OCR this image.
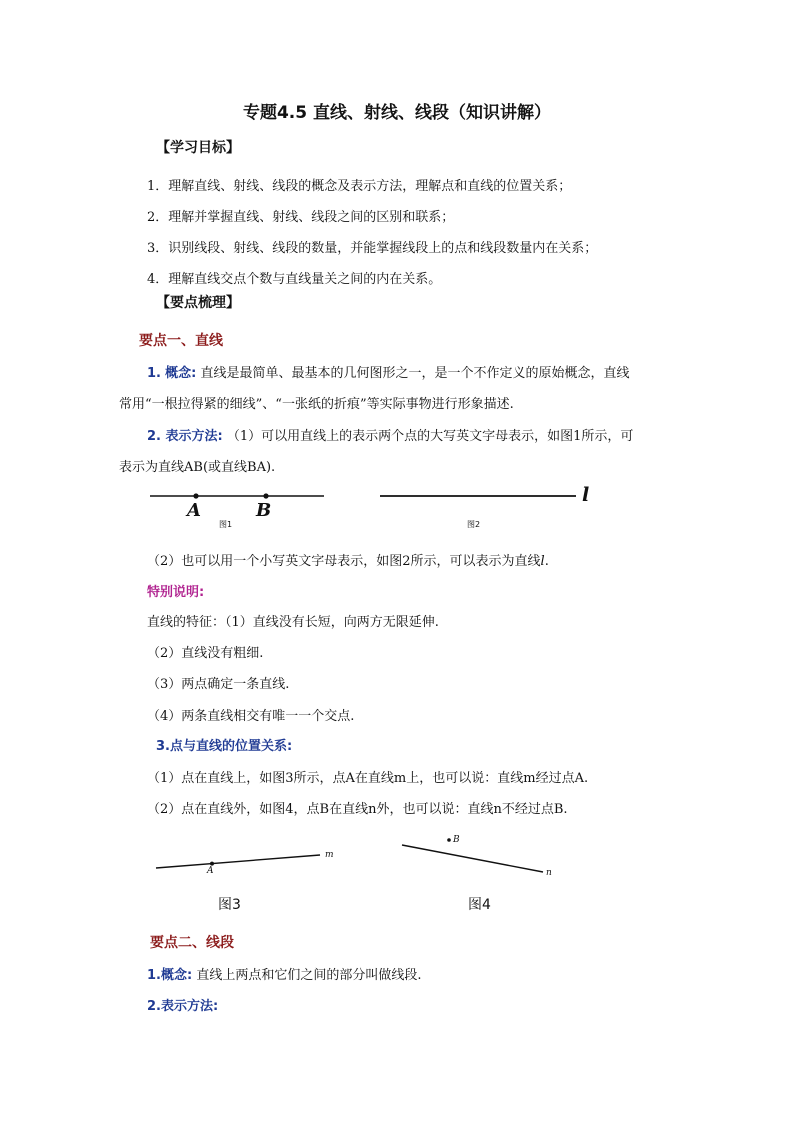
专题4.5 直线、射线、线段（知识讲解）
【学习目标】
1．理解直线、射线、线段的概念及表示方法，理解点和直线的位置关系；
2．理解并掌握直线、射线、线段之间的区别和联系；
3．识别线段、射线、线段的数量，并能掌握线段上的点和线段数量内在关系；
4．理解直线交点个数与直线量关之间的内在关系。
【要点梳理】
要点一、直线
1. 概念: 直线是最简单、最基本的几何图形之一，是一个不作定义的原始概念，直线
常用“一根拉得紧的细线”、“一张纸的折痕”等实际事物进行形象描述.
2. 表示方法: （1）可以用直线上的表示两个点的大写英文字母表示，如图1所示，可
表示为直线AB(或直线BA).
A	B
图1
l
图2
（2）也可以用一个小写英文字母表示，如图2所示，可以表示为直线l.
特别说明:
直线的特征：（1）直线没有长短，向两方无限延伸.
（2）直线没有粗细.
（3）两点确定一条直线.
（4）两条直线相交有唯一一个交点.
3.点与直线的位置关系:
（1）点在直线上，如图3所示，点A在直线m上，也可以说：直线m经过点A.
（2）点在直线外，如图4，点B在直线n外，也可以说：直线n不经过点B.
A
m
图3
B
n
图4
要点二、线段
1.概念: 直线上两点和它们之间的部分叫做线段.
2.表示方法:
